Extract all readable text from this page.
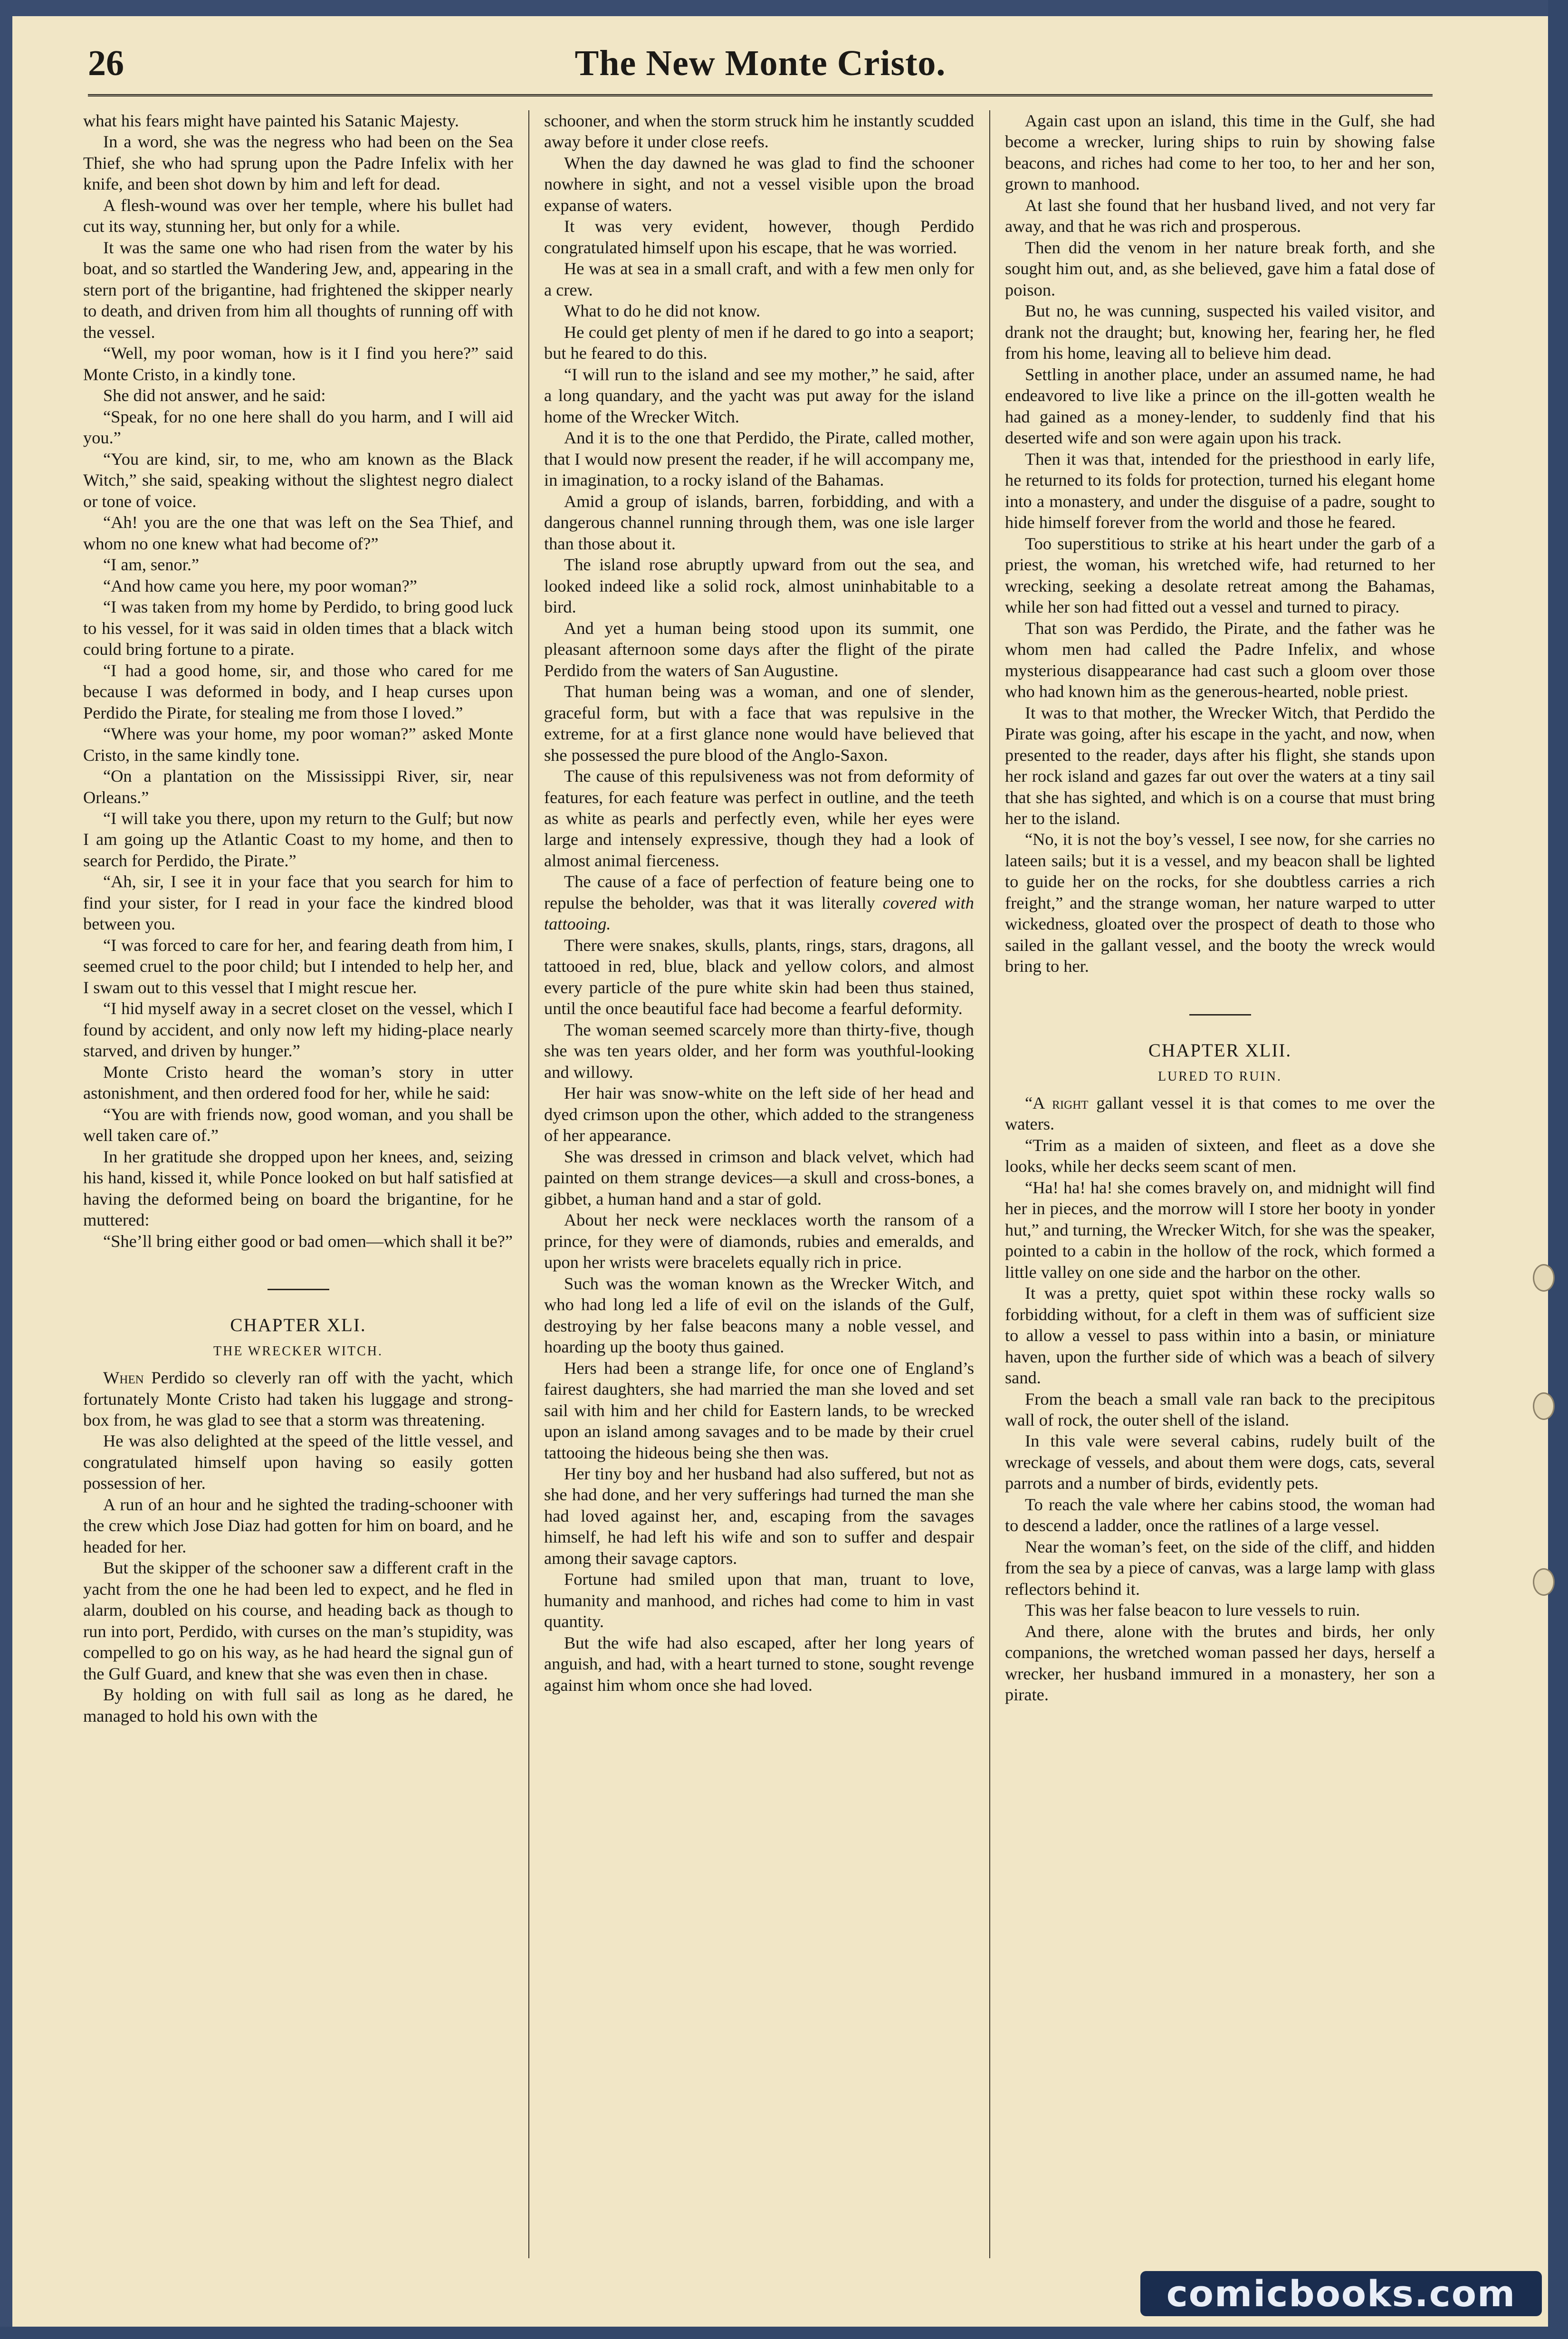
26	The New Monte Cristo.

what his fears might have painted his Satanic Majesty.

In a word, she was the negress who had been on the Sea Thief, she who had sprung upon the Padre Infelix with her knife, and been shot down by him and left for dead.

A flesh-wound was over her temple, where his bullet had cut its way, stunning her, but only for a while.

It was the same one who had risen from the water by his boat, and so startled the Wandering Jew, and, appearing in the stern port of the brigantine, had frightened the skipper nearly to death, and driven from him all thoughts of running off with the vessel.

“Well, my poor woman, how is it I find you here?” said Monte Cristo, in a kindly tone.

She did not answer, and he said:

“Speak, for no one here shall do you harm, and I will aid you.”

“You are kind, sir, to me, who am known as the Black Witch,” she said, speaking without the slightest negro dialect or tone of voice.

“Ah! you are the one that was left on the Sea Thief, and whom no one knew what had become of?”

“I am, senor.”

“And how came you here, my poor woman?”

“I was taken from my home by Perdido, to bring good luck to his vessel, for it was said in olden times that a black witch could bring fortune to a pirate.

“I had a good home, sir, and those who cared for me because I was deformed in body, and I heap curses upon Perdido the Pirate, for stealing me from those I loved.”

“Where was your home, my poor woman?” asked Monte Cristo, in the same kindly tone.

“On a plantation on the Mississippi River, sir, near Orleans.”

“I will take you there, upon my return to the Gulf; but now I am going up the Atlantic Coast to my home, and then to search for Perdido, the Pirate.”

“Ah, sir, I see it in your face that you search for him to find your sister, for I read in your face the kindred blood between you.

“I was forced to care for her, and fearing death from him, I seemed cruel to the poor child; but I intended to help her, and I swam out to this vessel that I might rescue her.

“I hid myself away in a secret closet on the vessel, which I found by accident, and only now left my hiding-place nearly starved, and driven by hunger.”

Monte Cristo heard the woman’s story in utter astonishment, and then ordered food for her, while he said:

“You are with friends now, good woman, and you shall be well taken care of.”

In her gratitude she dropped upon her knees, and, seizing his hand, kissed it, while Ponce looked on but half satisfied at having the deformed being on board the brigantine, for he muttered:

“She’ll bring either good or bad omen—which shall it be?”

CHAPTER XLI.
THE WRECKER WITCH.

When Perdido so cleverly ran off with the yacht, which fortunately Monte Cristo had taken his luggage and strong-box from, he was glad to see that a storm was threatening.

He was also delighted at the speed of the little vessel, and congratulated himself upon having so easily gotten possession of her.

A run of an hour and he sighted the trading-schooner with the crew which Jose Diaz had gotten for him on board, and he headed for her.

But the skipper of the schooner saw a different craft in the yacht from the one he had been led to expect, and he fled in alarm, doubled on his course, and heading back as though to run into port, Perdido, with curses on the man’s stupidity, was compelled to go on his way, as he had heard the signal gun of the Gulf Guard, and knew that she was even then in chase.

By holding on with full sail as long as he dared, he managed to hold his own with the

schooner, and when the storm struck him he instantly scudded away before it under close reefs.

When the day dawned he was glad to find the schooner nowhere in sight, and not a vessel visible upon the broad expanse of waters.

It was very evident, however, though Perdido congratulated himself upon his escape, that he was worried.

He was at sea in a small craft, and with a few men only for a crew.

What to do he did not know.

He could get plenty of men if he dared to go into a seaport; but he feared to do this.

“I will run to the island and see my mother,” he said, after a long quandary, and the yacht was put away for the island home of the Wrecker Witch.

And it is to the one that Perdido, the Pirate, called mother, that I would now present the reader, if he will accompany me, in imagination, to a rocky island of the Bahamas.

Amid a group of islands, barren, forbidding, and with a dangerous channel running through them, was one isle larger than those about it.

The island rose abruptly upward from out the sea, and looked indeed like a solid rock, almost uninhabitable to a bird.

And yet a human being stood upon its summit, one pleasant afternoon some days after the flight of the pirate Perdido from the waters of San Augustine.

That human being was a woman, and one of slender, graceful form, but with a face that was repulsive in the extreme, for at a first glance none would have believed that she possessed the pure blood of the Anglo-Saxon.

The cause of this repulsiveness was not from deformity of features, for each feature was perfect in outline, and the teeth as white as pearls and perfectly even, while her eyes were large and intensely expressive, though they had a look of almost animal fierceness.

The cause of a face of perfection of feature being one to repulse the beholder, was that it was literally covered with tattooing.

There were snakes, skulls, plants, rings, stars, dragons, all tattooed in red, blue, black and yellow colors, and almost every particle of the pure white skin had been thus stained, until the once beautiful face had become a fearful deformity.

The woman seemed scarcely more than thirty-five, though she was ten years older, and her form was youthful-looking and willowy.

Her hair was snow-white on the left side of her head and dyed crimson upon the other, which added to the strangeness of her appearance.

She was dressed in crimson and black velvet, which had painted on them strange devices—a skull and cross-bones, a gibbet, a human hand and a star of gold.

About her neck were necklaces worth the ransom of a prince, for they were of diamonds, rubies and emeralds, and upon her wrists were bracelets equally rich in price.

Such was the woman known as the Wrecker Witch, and who had long led a life of evil on the islands of the Gulf, destroying by her false beacons many a noble vessel, and hoarding up the booty thus gained.

Hers had been a strange life, for once one of England’s fairest daughters, she had married the man she loved and set sail with him and her child for Eastern lands, to be wrecked upon an island among savages and to be made by their cruel tattooing the hideous being she then was.

Her tiny boy and her husband had also suffered, but not as she had done, and her very sufferings had turned the man she had loved against her, and, escaping from the savages himself, he had left his wife and son to suffer and despair among their savage captors.

Fortune had smiled upon that man, truant to love, humanity and manhood, and riches had come to him in vast quantity.

But the wife had also escaped, after her long years of anguish, and had, with a heart turned to stone, sought revenge against him whom once she had loved.

Again cast upon an island, this time in the Gulf, she had become a wrecker, luring ships to ruin by showing false beacons, and riches had come to her too, to her and her son, grown to manhood.

At last she found that her husband lived, and not very far away, and that he was rich and prosperous.

Then did the venom in her nature break forth, and she sought him out, and, as she believed, gave him a fatal dose of poison.

But no, he was cunning, suspected his vailed visitor, and drank not the draught; but, knowing her, fearing her, he fled from his home, leaving all to believe him dead.

Settling in another place, under an assumed name, he had endeavored to live like a prince on the ill-gotten wealth he had gained as a money-lender, to suddenly find that his deserted wife and son were again upon his track.

Then it was that, intended for the priesthood in early life, he returned to its folds for protection, turned his elegant home into a monastery, and under the disguise of a padre, sought to hide himself forever from the world and those he feared.

Too superstitious to strike at his heart under the garb of a priest, the woman, his wretched wife, had returned to her wrecking, seeking a desolate retreat among the Bahamas, while her son had fitted out a vessel and turned to piracy.

That son was Perdido, the Pirate, and the father was he whom men had called the Padre Infelix, and whose mysterious disappearance had cast such a gloom over those who had known him as the generous-hearted, noble priest.

It was to that mother, the Wrecker Witch, that Perdido the Pirate was going, after his escape in the yacht, and now, when presented to the reader, days after his flight, she stands upon her rock island and gazes far out over the waters at a tiny sail that she has sighted, and which is on a course that must bring her to the island.

“No, it is not the boy’s vessel, I see now, for she carries no lateen sails; but it is a vessel, and my beacon shall be lighted to guide her on the rocks, for she doubtless carries a rich freight,” and the strange woman, her nature warped to utter wickedness, gloated over the prospect of death to those who sailed in the gallant vessel, and the booty the wreck would bring to her.

CHAPTER XLII.
LURED TO RUIN.

“A right gallant vessel it is that comes to me over the waters.

“Trim as a maiden of sixteen, and fleet as a dove she looks, while her decks seem scant of men.

“Ha! ha! ha! she comes bravely on, and midnight will find her in pieces, and the morrow will I store her booty in yonder hut,” and turning, the Wrecker Witch, for she was the speaker, pointed to a cabin in the hollow of the rock, which formed a little valley on one side and the harbor on the other.

It was a pretty, quiet spot within these rocky walls so forbidding without, for a cleft in them was of sufficient size to allow a vessel to pass within into a basin, or miniature haven, upon the further side of which was a beach of silvery sand.

From the beach a small vale ran back to the precipitous wall of rock, the outer shell of the island.

In this vale were several cabins, rudely built of the wreckage of vessels, and about them were dogs, cats, several parrots and a number of birds, evidently pets.

To reach the vale where her cabins stood, the woman had to descend a ladder, once the ratlines of a large vessel.

Near the woman’s feet, on the side of the cliff, and hidden from the sea by a piece of canvas, was a large lamp with glass reflectors behind it.

This was her false beacon to lure vessels to ruin.

And there, alone with the brutes and birds, her only companions, the wretched woman passed her days, herself a wrecker, her husband immured in a monastery, her son a pirate.

comicbooks.com
